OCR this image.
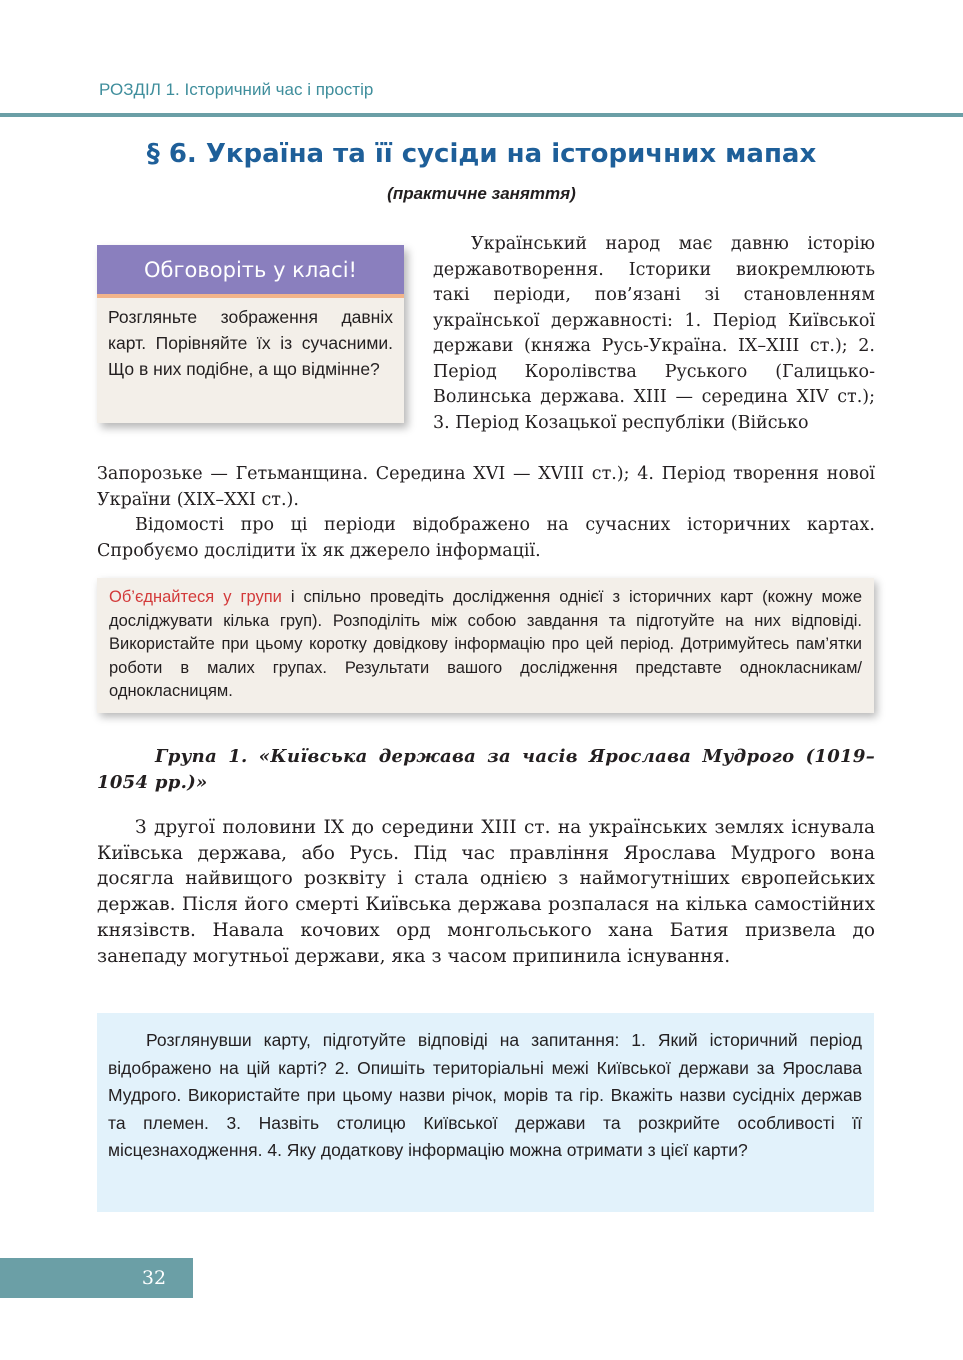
РОЗДІЛ 1. Історичний час і простір
§ 6. Україна та її сусіди на історичних мапах
(практичне заняття)
Обговоріть у класі!
Розгляньте зображення давніх карт. Порівняйте їх із сучасними. Що в них подібне, а що відмінне?

Український народ має давню історію державотворення. Історики виокремлюють такі періоди, пов’язані зі становленням української державності: 1. Період Київської держави (княжа Русь-Україна. IX–XIII ст.); 2. Період Королівства Руського (Галицько-Волинська держава. XIII — середина XIV ст.); 3. Період Козацької республіки (Військо

Запорозьке — Гетьманщина. Середина XVI — XVIII ст.); 4. Період творення нової України (XIX–XXI ст.).

Відомості про ці періоди відображено на сучасних історичних картах. Спробуємо дослідити їх як джерело інформації.

Об’єднайтеся у групи і спільно проведіть дослідження однієї з історичних карт (кожну може досліджувати кілька груп). Розподіліть між собою завдання та підготуйте на них відповіді. Використайте при цьому коротку довідкову інформацію про цей період. Дотримуйтесь пам’ятки роботи в малих групах. Результати вашого дослідження представте однокласникам/однокласницям.

Група 1. «Київська держава за часів Ярослава Мудрого (1019–1054 рр.)»

З другої половини IX до середини XIII ст. на українських землях існувала Київська держава, або Русь. Під час правління Ярослава Мудрого вона досягла найвищого розквіту і стала однією з наймогутніших європейських держав. Після його смерті Київська держава розпалася на кілька самостійних князівств. Навала кочових орд монгольського хана Батия призвела до занепаду могутньої держави, яка з часом припинила існування.

Розглянувши карту, підготуйте відповіді на запитання: 1. Який історичний період відображено на цій карті? 2. Опишіть територіальні межі Київської держави за Ярослава Мудрого. Використайте при цьому назви річок, морів та гір. Вкажіть назви сусідніх держав та племен. 3. Назвіть столицю Київської держави та розкрийте особливості її місцезнаходження. 4. Яку додаткову інформацію можна отримати з цієї карти?

32
